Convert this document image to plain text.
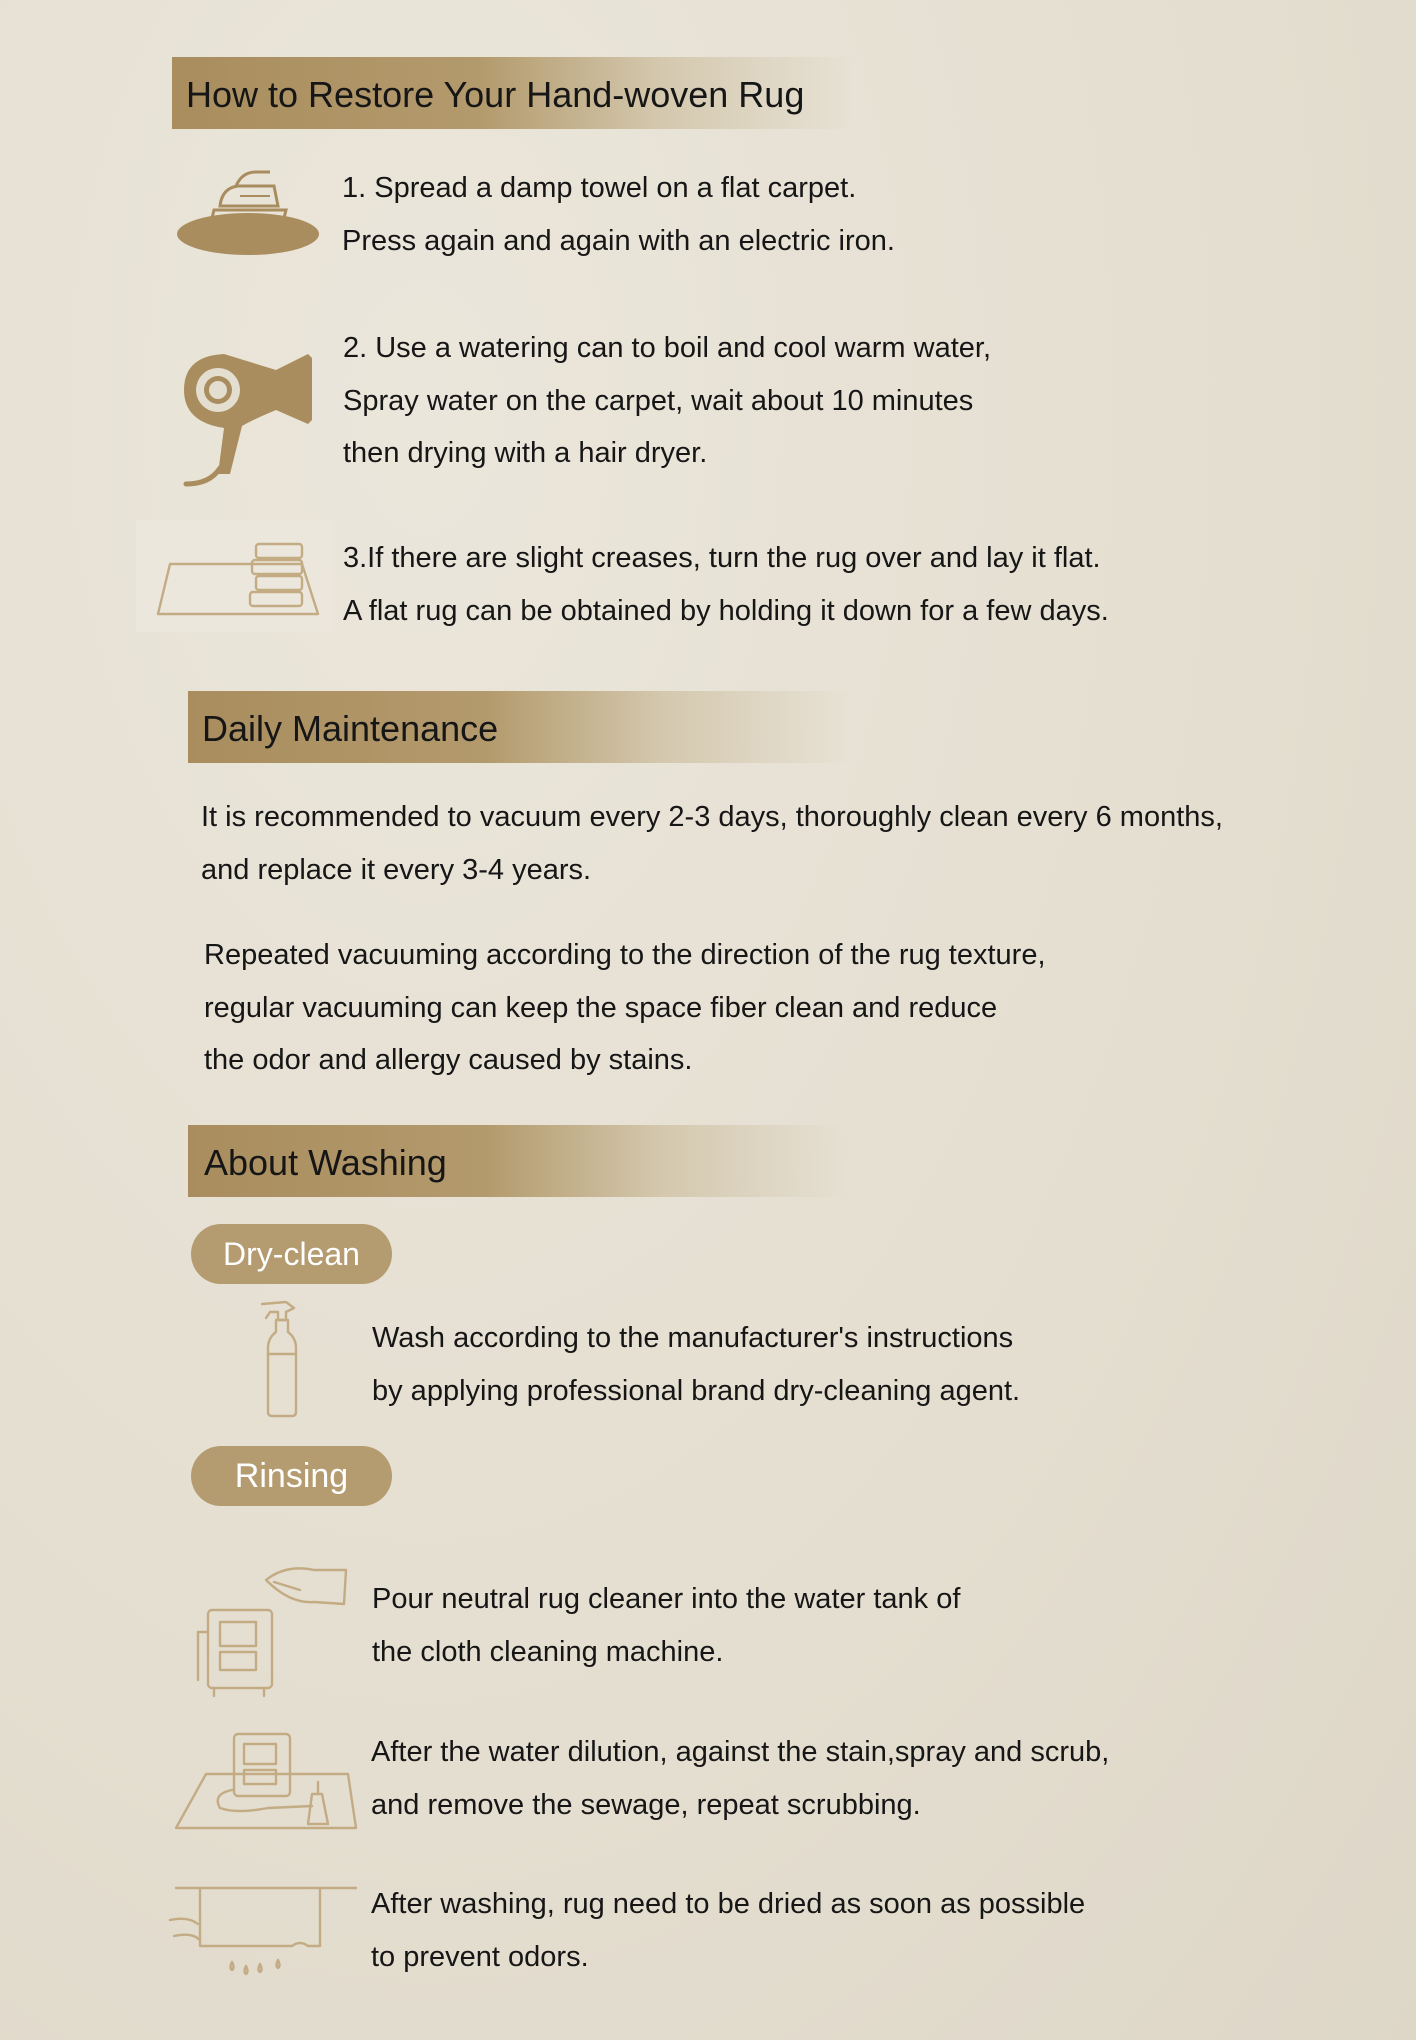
How to Restore Your Hand-woven Rug
1. Spread a damp towel on a flat carpet.
Press again and again with an electric iron.
2. Use a watering can to boil and cool warm water,
Spray water on the carpet, wait about 10 minutes
then drying with a hair dryer.
3.If there are slight creases, turn the rug over and lay it flat.
A flat rug can be obtained by holding it down for a few days.
Daily Maintenance
It is recommended to vacuum every 2-3 days, thoroughly clean every 6 months,
and replace it every 3-4 years.
Repeated vacuuming according to the direction of the rug texture,
regular vacuuming can keep the space fiber clean and reduce
the odor and allergy caused by stains.
About Washing
Dry-clean
Wash according to the manufacturer's instructions
by applying professional brand dry-cleaning agent.
Rinsing
Pour neutral rug cleaner into the water tank of
the cloth cleaning machine.
After the water dilution, against the stain,spray and scrub,
and remove the sewage, repeat scrubbing.
After washing, rug need to be dried as soon as possible
to prevent odors.
